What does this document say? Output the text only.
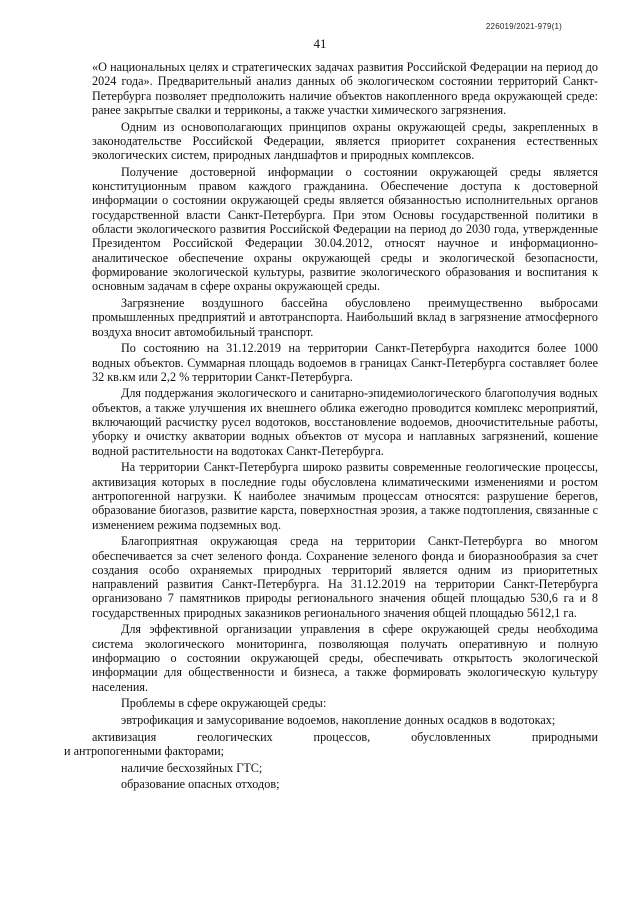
226019/2021-979(1)
41

«О национальных целях и стратегических задачах развития Российской Федерации на период до 2024 года». Предварительный анализ данных об экологическом состоянии территорий Санкт-Петербурга позволяет предположить наличие объектов накопленного вреда окружающей среде: ранее закрытые свалки и терриконы, а также участки химического загрязнения.

Одним из основополагающих принципов охраны окружающей среды, закрепленных в законодательстве Российской Федерации, является приоритет сохранения естественных экологических систем, природных ландшафтов и природных комплексов.

Получение достоверной информации о состоянии окружающей среды является конституционным правом каждого гражданина. Обеспечение доступа к достоверной информации о состоянии окружающей среды является обязанностью исполнительных органов государственной власти Санкт-Петербурга. При этом Основы государственной политики в области экологического развития Российской Федерации на период до 2030 года, утвержденные Президентом Российской Федерации 30.04.2012, относят научное и информационно-аналитическое обеспечение охраны окружающей среды и экологической безопасности, формирование экологической культуры, развитие экологического образования и воспитания к основным задачам в сфере охраны окружающей среды.

Загрязнение воздушного бассейна обусловлено преимущественно выбросами промышленных предприятий и автотранспорта. Наибольший вклад в загрязнение атмосферного воздуха вносит автомобильный транспорт.

По состоянию на 31.12.2019 на территории Санкт-Петербурга находится более 1000 водных объектов. Суммарная площадь водоемов в границах Санкт-Петербурга составляет более 32 кв.км или 2,2 % территории Санкт-Петербурга.

Для поддержания экологического и санитарно-эпидемиологического благополучия водных объектов, а также улучшения их внешнего облика ежегодно проводится комплекс мероприятий, включающий расчистку русел водотоков, восстановление водоемов, дноочистительные работы, уборку и очистку акватории водных объектов от мусора и наплавных загрязнений, кошение водной растительности на водотоках Санкт-Петербурга.

На территории Санкт-Петербурга широко развиты современные геологические процессы, активизация которых в последние годы обусловлена климатическими изменениями и ростом антропогенной нагрузки. К наиболее значимым процессам относятся: разрушение берегов, образование биогазов, развитие карста, поверхностная эрозия, а также подтопления, связанные с изменением режима подземных вод.

Благоприятная окружающая среда на территории Санкт-Петербурга во многом обеспечивается за счет зеленого фонда. Сохранение зеленого фонда и биоразнообразия за счет создания особо охраняемых природных территорий является одним из приоритетных направлений развития Санкт-Петербурга. На 31.12.2019 на территории Санкт-Петербурга организовано 7 памятников природы регионального значения общей площадью 530,6 га и 8 государственных природных заказников регионального значения общей площадью 5612,1 га.

Для эффективной организации управления в сфере окружающей среды необходима система экологического мониторинга, позволяющая получать оперативную и полную информацию о состоянии окружающей среды, обеспечивать открытость экологической информации для общественности и бизнеса, а также формировать экологическую культуру населения.

Проблемы в сфере окружающей среды:

эвтрофикация и замусоривание водоемов, накопление донных осадков в водотоках;

активизация геологических процессов, обусловленных природными
и антропогенными факторами;

наличие бесхозяйных ГТС;

образование опасных отходов;
